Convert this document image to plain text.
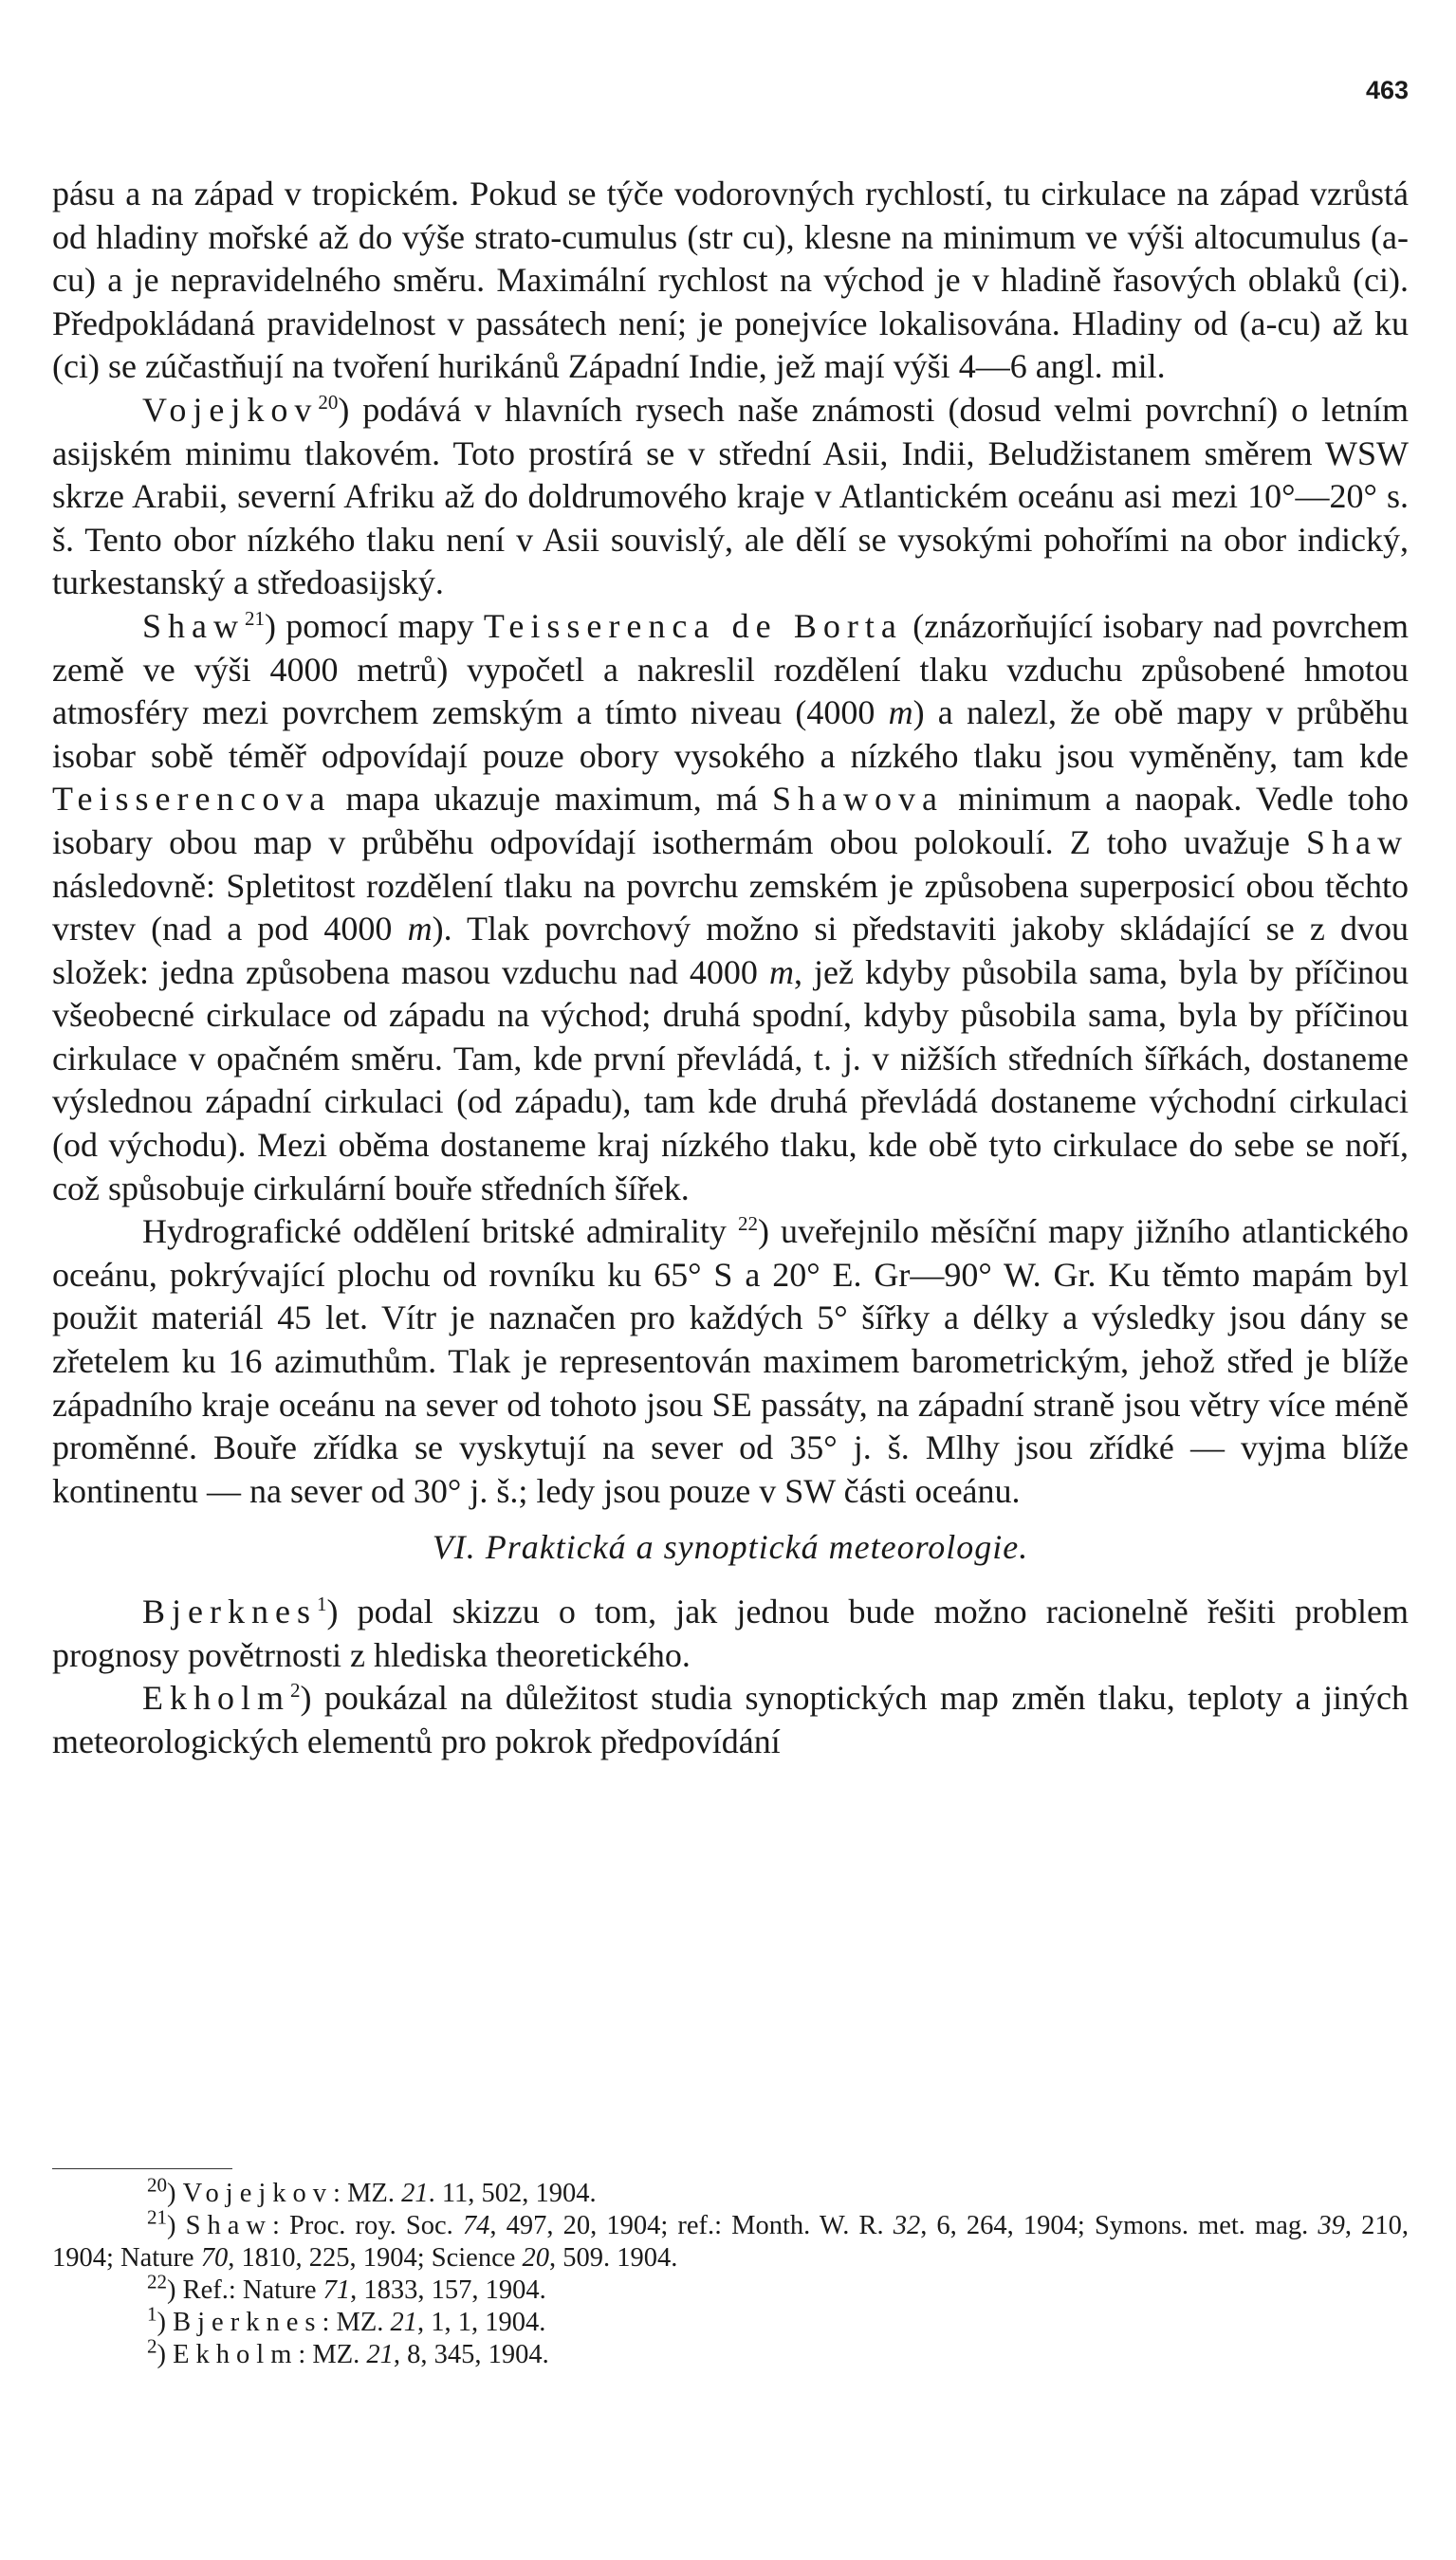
463

pásu a na západ v tropickém. Pokud se týče vodorovných rychlostí, tu cirkulace na západ vzrůstá od hladiny mořské až do výše strato-cumulus (str cu), klesne na minimum ve výši altocumulus (a-cu) a je nepravidelného směru. Maximální rychlost na východ je v hladině řasových oblaků (ci). Předpokládaná pravidelnost v passátech není; je ponejvíce lokalisována. Hladiny od (a-cu) až ku (ci) se zúčastňují na tvoření hurikánů Západní Indie, jež mají výši 4—6 angl. mil.

Vojejkov$^{20}$) podává v hlavních rysech naše známosti (dosud velmi povrchní) o letním asijském minimu tlakovém. Toto prostírá se v střední Asii, Indii, Beludžistanem směrem WSW skrze Arabii, severní Afriku až do doldrumového kraje v Atlantickém oceánu asi mezi 10°—20° s. š. Tento obor nízkého tlaku není v Asii souvislý, ale dělí se vysokými pohořími na obor indický, turkestanský a středoasijský.

Shaw$^{21}$) pomocí mapy Teisserenca de Borta (znázorňující isobary nad povrchem země ve výši 4000 metrů) vypočetl a nakreslil rozdělení tlaku vzduchu způsobené hmotou atmosféry mezi povrchem zemským a tímto niveau (4000 m) a nalezl, že obě mapy v průběhu isobar sobě téměř odpovídají pouze obory vysokého a nízkého tlaku jsou vyměněny, tam kde Teisserencova mapa ukazuje maximum, má Shawova minimum a naopak. Vedle toho isobary obou map v průběhu odpovídají isothermám obou polokoulí. Z toho uvažuje Shaw následovně: Spletitost rozdělení tlaku na povrchu zemském je způsobena superposicí obou těchto vrstev (nad a pod 4000 m). Tlak povrchový možno si představiti jakoby skládající se z dvou složek: jedna způsobena masou vzduchu nad 4000 m, jež kdyby působila sama, byla by příčinou všeobecné cirkulace od západu na východ; druhá spodní, kdyby působila sama, byla by příčinou cirkulace v opačném směru. Tam, kde první převládá, t. j. v nižších středních šířkách, dostaneme výslednou západní cirkulaci (od západu), tam kde druhá převládá dostaneme východní cirkulaci (od východu). Mezi oběma dostaneme kraj nízkého tlaku, kde obě tyto cirkulace do sebe se noří, což spůsobuje cirkulární bouře středních šířek.

Hydrografické oddělení britské admirality $^{22}$) uveřejnilo měsíční mapy jižního atlantického oceánu, pokrývající plochu od rovníku ku 65° S a 20° E. Gr—90° W. Gr. Ku těmto mapám byl použit materiál 45 let. Vítr je naznačen pro každých 5° šířky a délky a výsledky jsou dány se zřetelem ku 16 azimuthům. Tlak je representován maximem barometrickým, jehož střed je blíže západního kraje oceánu na sever od tohoto jsou SE passáty, na západní straně jsou větry více méně proměnné. Bouře zřídka se vyskytují na sever od 35° j. š. Mlhy jsou zřídké — vyjma blíže kontinentu — na sever od 30° j. š.; ledy jsou pouze v SW části oceánu.

VI. Praktická a synoptická meteorologie.

Bjerknes$^1$) podal skizzu o tom, jak jednou bude možno racionelně řešiti problem prognosy povětrnosti z hlediska theoretického.

Ekholm$^2$) poukázal na důležitost studia synoptických map změn tlaku, teploty a jiných meteorologických elementů pro pokrok předpovídání

$^{20}$) Vojejkov: MZ. 21. 11, 502, 1904.

$^{21}$) Shaw: Proc. roy. Soc. 74, 497, 20, 1904; ref.: Month. W. R. 32, 6, 264, 1904; Symons. met. mag. 39, 210, 1904; Nature 70, 1810, 225, 1904; Science 20, 509. 1904.

$^{22}$) Ref.: Nature 71, 1833, 157, 1904.

$^1$) Bjerknes: MZ. 21, 1, 1, 1904.

$^2$) Ekholm: MZ. 21, 8, 345, 1904.
